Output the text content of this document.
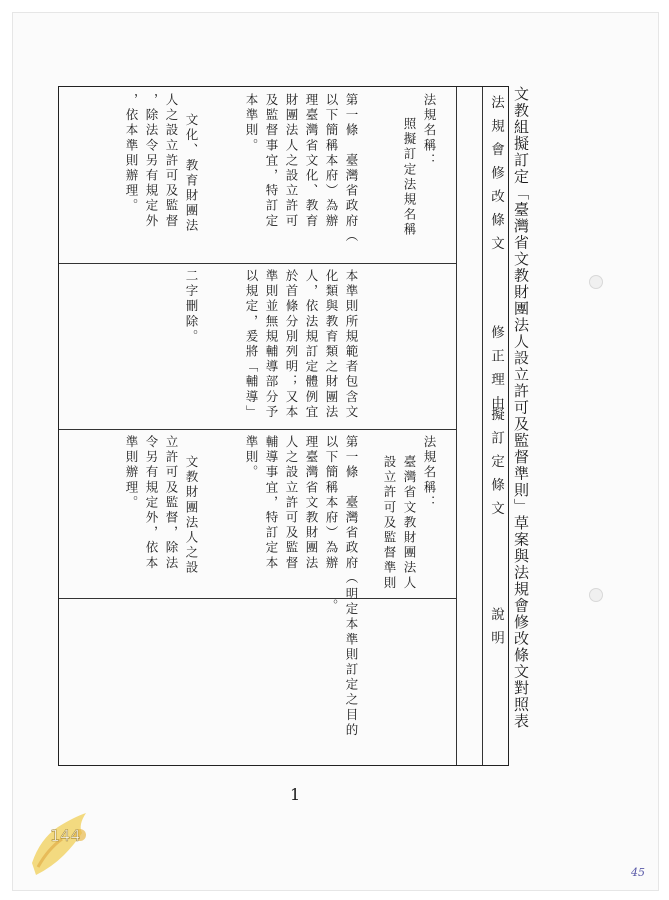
文教組擬訂定「臺灣省文教財團法人設立許可及監督準則」草案與法規會修改條文對照表
法規會修改條文
修正理由
擬訂定條文
說明
法規名稱：
照擬訂定法規名稱
第一條　臺灣省政府（
以下簡稱本府）為辦
理臺灣省文化、教育
財團法人之設立許可
及監督事宜，特訂定
本準則。
文化、教育財團法
人之設立許可及監督
，除法令另有規定外
，依本準則辦理。
本準則所規範者包含文
化類與教育類之財團法
人，依法規訂定體例宜
於首條分別列明；又本
準則並無規輔導部分予
以規定，爰將「輔導」
二字刪除。
法規名稱：
臺灣省文教財團法人
設立許可及監督準則
第一條　臺灣省政府（
以下簡稱本府）為辦
理臺灣省文教財團法
人之設立許可及監督
輔導事宜，特訂定本
準則。
文教財團法人之設
立許可及監督，除法
令另有規定外，依本
準則辦理。
明定本準則訂定之目的
。
1
144
45
